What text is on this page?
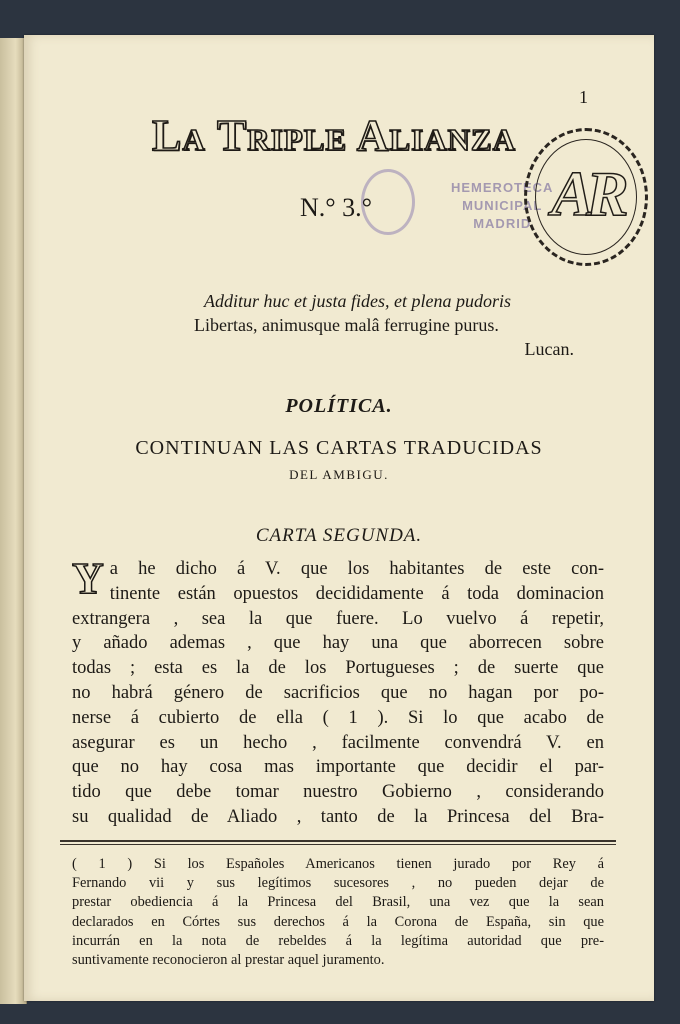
1
La Triple Alianza
HEMEROTECA
MUNICIPAL
MADRID AR
N.° 3.°
Additur huc et justa fides, et plena pudoris
Libertas, animusque malâ ferrugine purus.
Lucan.
POLÍTICA.
CONTINUAN LAS CARTAS TRADUCIDAS
DEL AMBIGU.
CARTA SEGUNDA.
Y a he dicho á V. que los habitantes de este con-
tinente están opuestos decididamente á toda dominacion
extrangera , sea la que fuere. Lo vuelvo á repetir,
y añado ademas , que hay una que aborrecen sobre
todas ; esta es la de los Portugueses ; de suerte que
no habrá género de sacrificios que no hagan por po-
nerse á cubierto de ella ( 1 ). Si lo que acabo de
asegurar es un hecho , facilmente convendrá V. en
que no hay cosa mas importante que decidir el par-
tido que debe tomar nuestro Gobierno , considerando
su qualidad de Aliado , tanto de la Princesa del Bra-
( 1 ) Si los Españoles Americanos tienen jurado por Rey á
Fernando vii y sus legítimos sucesores , no pueden dejar de
prestar obediencia á la Princesa del Brasil, una vez que la sean
declarados en Córtes sus derechos á la Corona de España, sin que
incurrán en la nota de rebeldes á la legítima autoridad que pre-
suntivamente reconocieron al prestar aquel juramento.
